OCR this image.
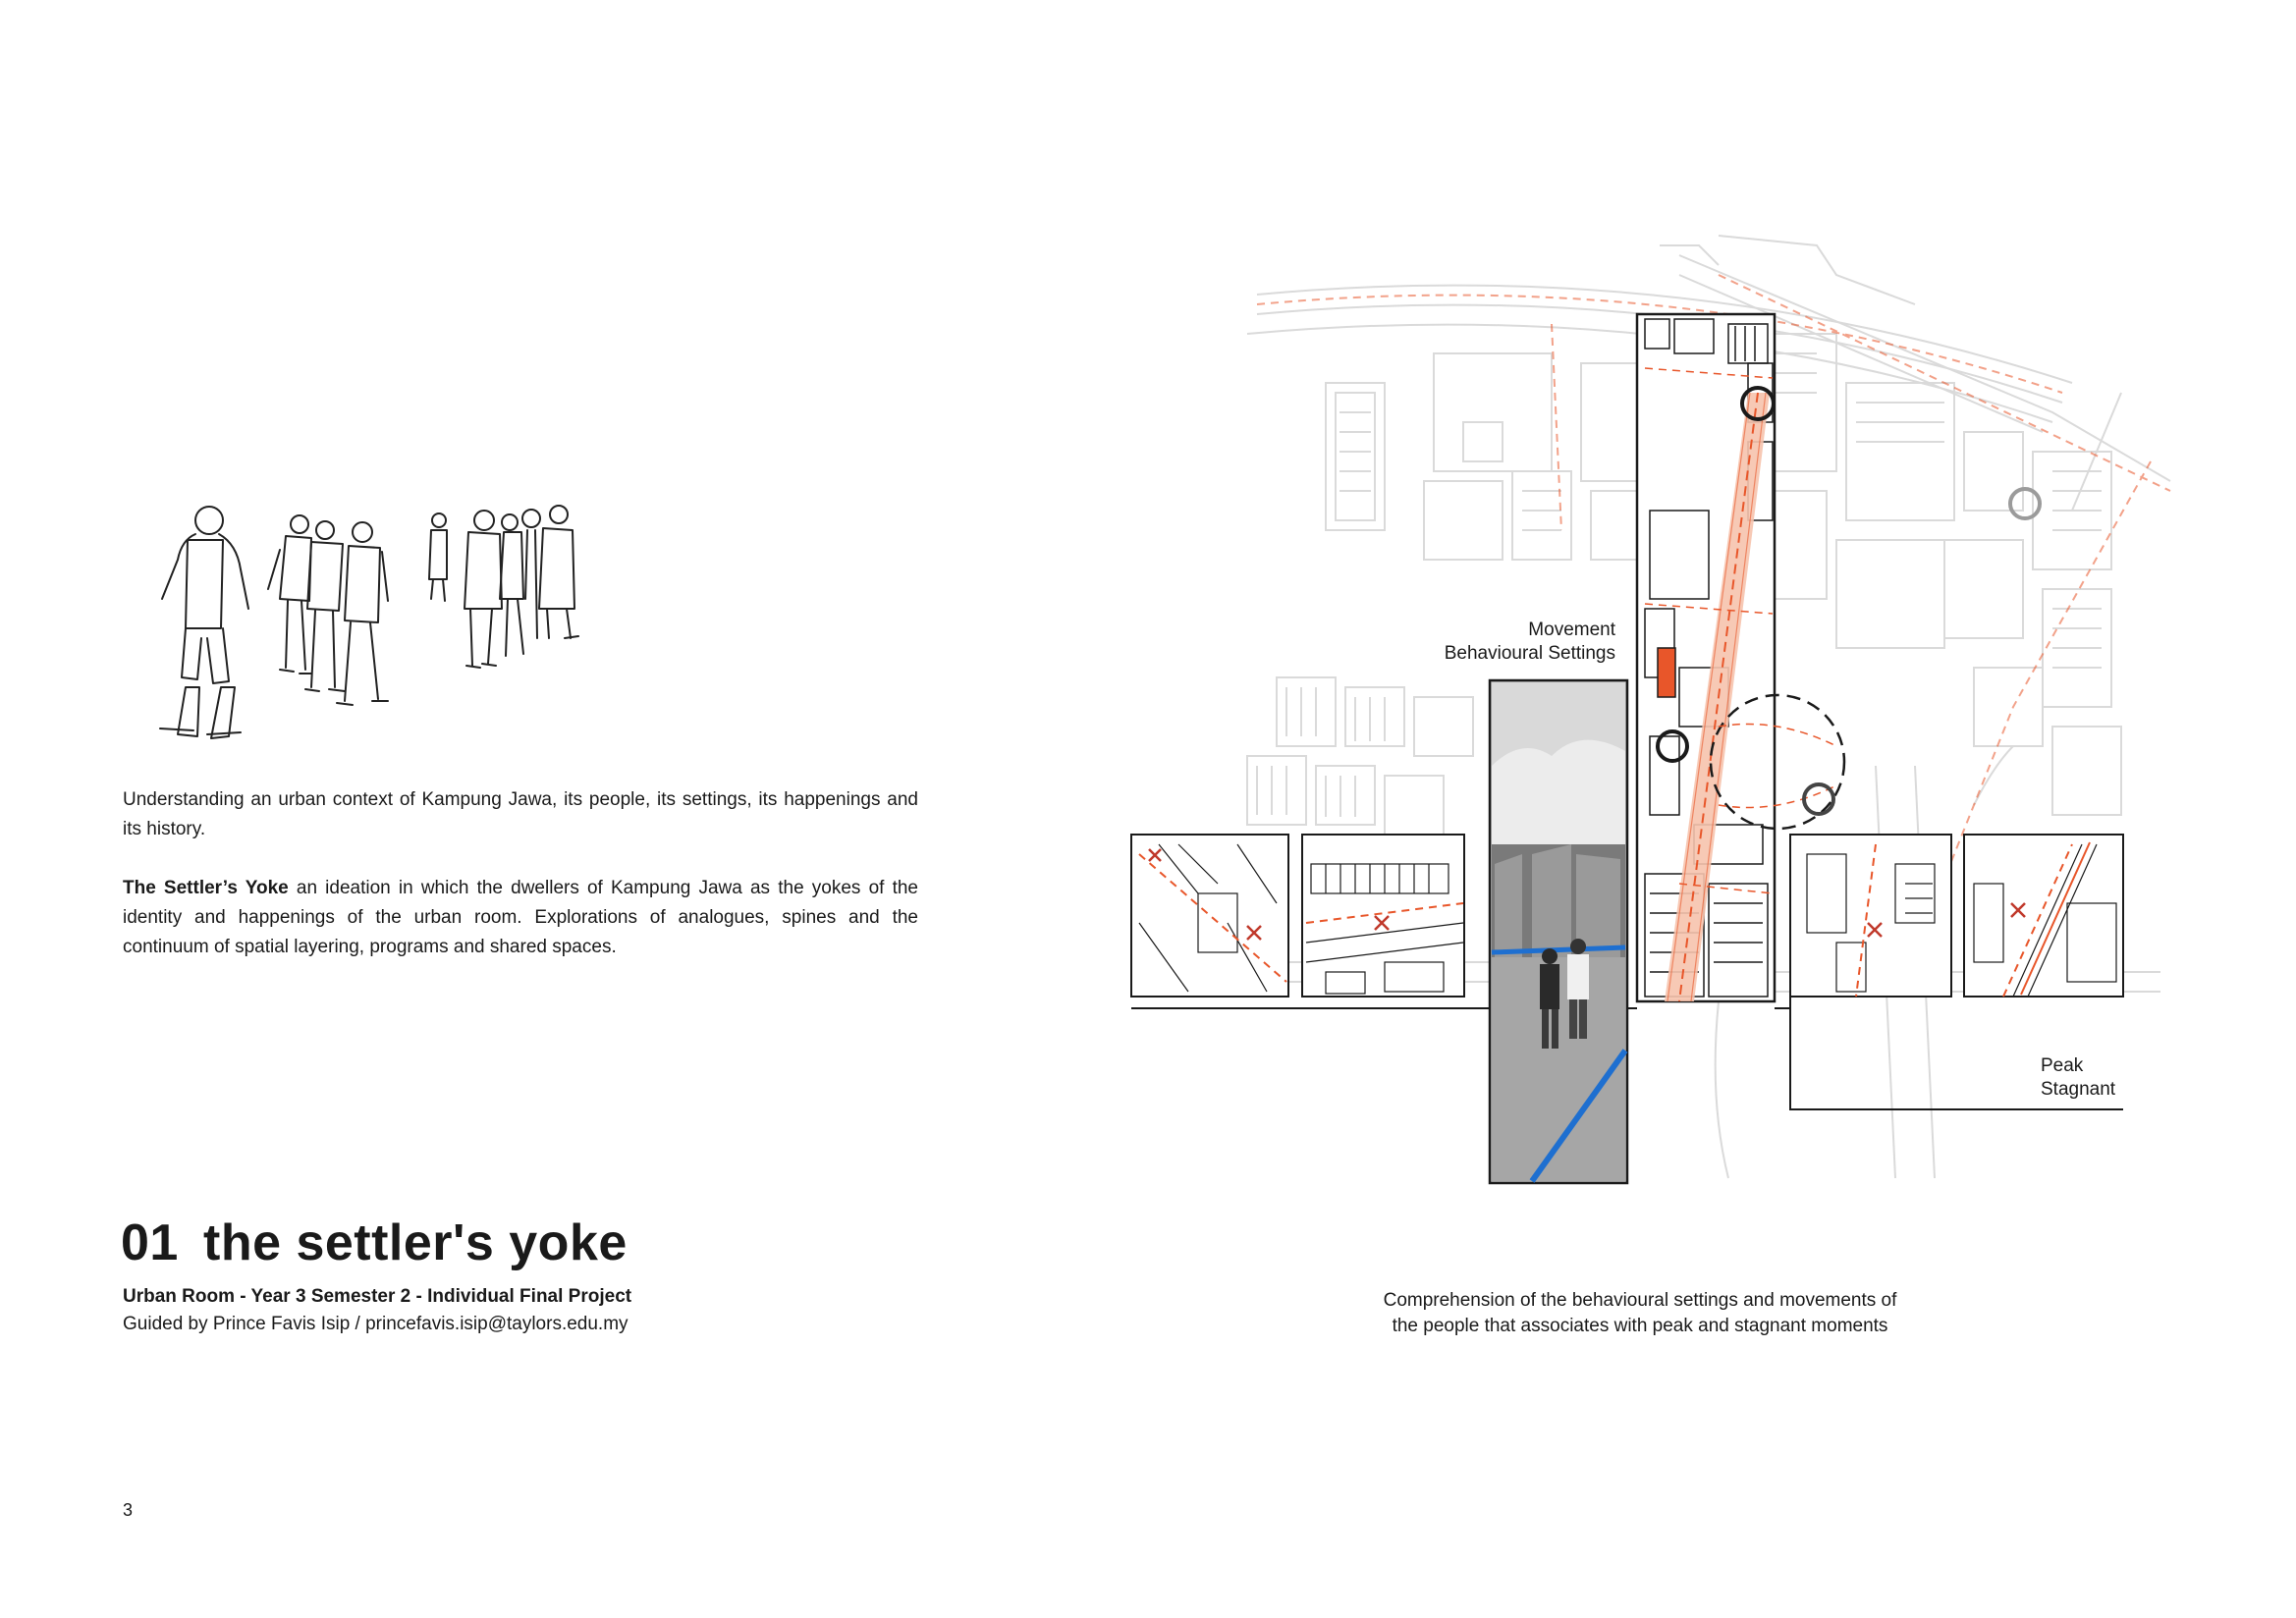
Understanding an urban context of Kampung Jawa, its people, its settings, its happenings and its history.
The Settler’s Yoke an ideation in which the dwellers of Kampung Jawa as the yokes of the identity and happenings of the urban room. Explorations of analogues, spines and the continuum of spatial layering, programs and shared spaces.
01 the settler's yoke
Urban Room - Year 3 Semester 2 - Individual Final Project
Guided by Prince Favis Isip / princefavis.isip@taylors.edu.my
3
Movement
Behavioural Settings
Peak
Stagnant
Comprehension of the behavioural settings and movements of
the people that associates with peak and stagnant moments
